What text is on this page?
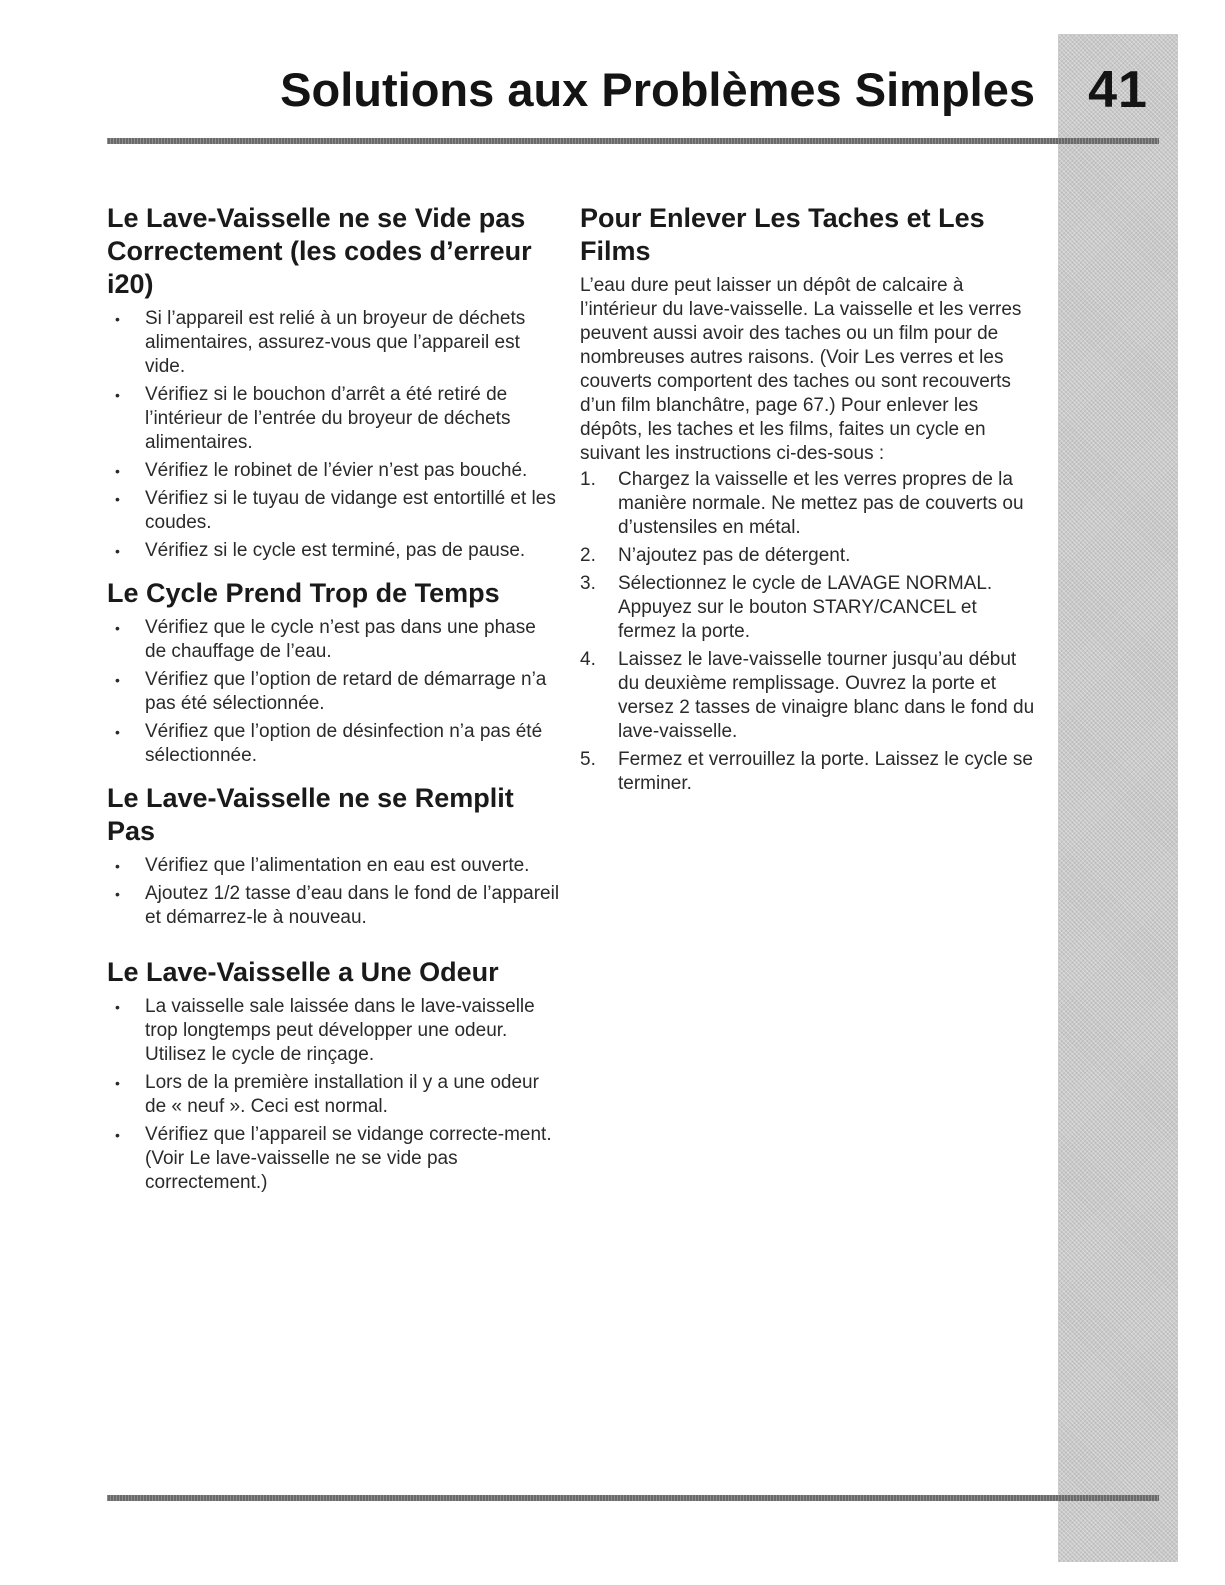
41
Solutions aux Problèmes Simples
Le Lave-Vaisselle ne se Vide pas Correctement (les codes d’erreur i20)
• Si l’appareil est relié à un broyeur de déchets alimentaires, assurez-vous que l’appareil est vide.
• Vérifiez si le bouchon d’arrêt a été retiré de l’intérieur de l’entrée du broyeur de déchets alimentaires.
• Vérifiez le robinet de l’évier n’est pas bouché.
• Vérifiez si le tuyau de vidange est entortillé et les coudes.
• Vérifiez si le cycle est terminé, pas de pause.
Le Cycle Prend Trop de Temps
• Vérifiez que le cycle n’est pas dans une phase de chauffage de l’eau.
• Vérifiez que l’option de retard de démarrage n’a pas été sélectionnée.
• Vérifiez que l’option de désinfection n’a pas été sélectionnée.
Le Lave-Vaisselle ne se Remplit Pas
• Vérifiez que l’alimentation en eau est ouverte.
• Ajoutez 1/2 tasse d’eau dans le fond de l’appareil et démarrez-le à nouveau.
Le Lave-Vaisselle a Une Odeur
• La vaisselle sale laissée dans le lave-vaisselle trop longtemps peut développer une odeur. Utilisez le cycle de rinçage.
• Lors de la première installation il y a une odeur de « neuf ». Ceci est normal.
• Vérifiez que l’appareil se vidange correcte-ment. (Voir Le lave-vaisselle ne se vide pas correctement.)
Pour Enlever Les Taches et Les Films

L’eau dure peut laisser un dépôt de calcaire à l’intérieur du lave-vaisselle. La vaisselle et les verres peuvent aussi avoir des taches ou un film pour de nombreuses autres raisons. (Voir Les verres et les couverts comportent des taches ou sont recouverts d’un film blanchâtre, page 67.) Pour enlever les dépôts, les taches et les films, faites un cycle en suivant les instructions ci-des-sous :

1.	Chargez la vaisselle et les verres propres de la manière normale. Ne mettez pas de couverts ou d’ustensiles en métal.
2.	N’ajoutez pas de détergent.
3.	Sélectionnez le cycle de LAVAGE NORMAL. Appuyez sur le bouton STARY/CANCEL et fermez la porte.
4.	Laissez le lave-vaisselle tourner jusqu’au début du deuxième remplissage. Ouvrez la porte et versez 2 tasses de vinaigre blanc dans le fond du lave-vaisselle.
5.	Fermez et verrouillez la porte. Laissez le cycle se terminer.
